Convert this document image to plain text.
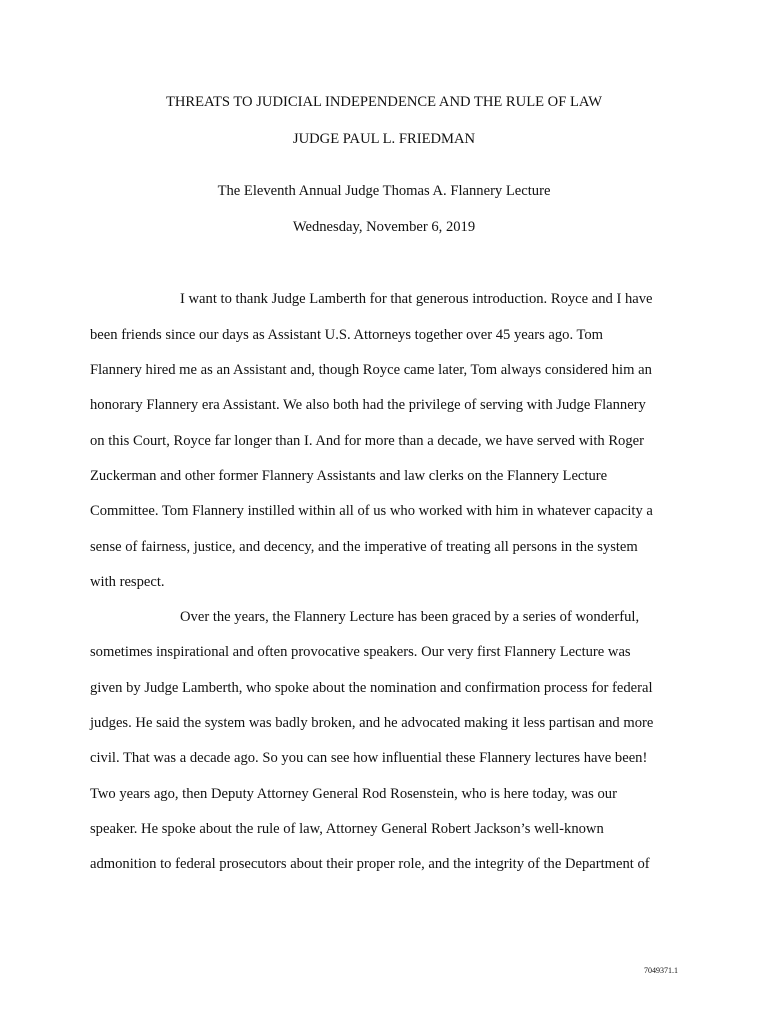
THREATS TO JUDICIAL INDEPENDENCE AND THE RULE OF LAW
JUDGE PAUL L. FRIEDMAN
The Eleventh Annual Judge Thomas A. Flannery Lecture
Wednesday, November 6, 2019
I want to thank Judge Lamberth for that generous introduction. Royce and I have
been friends since our days as Assistant U.S. Attorneys together over 45 years ago. Tom
Flannery hired me as an Assistant and, though Royce came later, Tom always considered him an
honorary Flannery era Assistant. We also both had the privilege of serving with Judge Flannery
on this Court, Royce far longer than I. And for more than a decade, we have served with Roger
Zuckerman and other former Flannery Assistants and law clerks on the Flannery Lecture
Committee. Tom Flannery instilled within all of us who worked with him in whatever capacity a
sense of fairness, justice, and decency, and the imperative of treating all persons in the system
with respect.
Over the years, the Flannery Lecture has been graced by a series of wonderful,
sometimes inspirational and often provocative speakers. Our very first Flannery Lecture was
given by Judge Lamberth, who spoke about the nomination and confirmation process for federal
judges. He said the system was badly broken, and he advocated making it less partisan and more
civil. That was a decade ago. So you can see how influential these Flannery lectures have been!
Two years ago, then Deputy Attorney General Rod Rosenstein, who is here today, was our
speaker. He spoke about the rule of law, Attorney General Robert Jackson’s well-known
admonition to federal prosecutors about their proper role, and the integrity of the Department of
7049371.1
